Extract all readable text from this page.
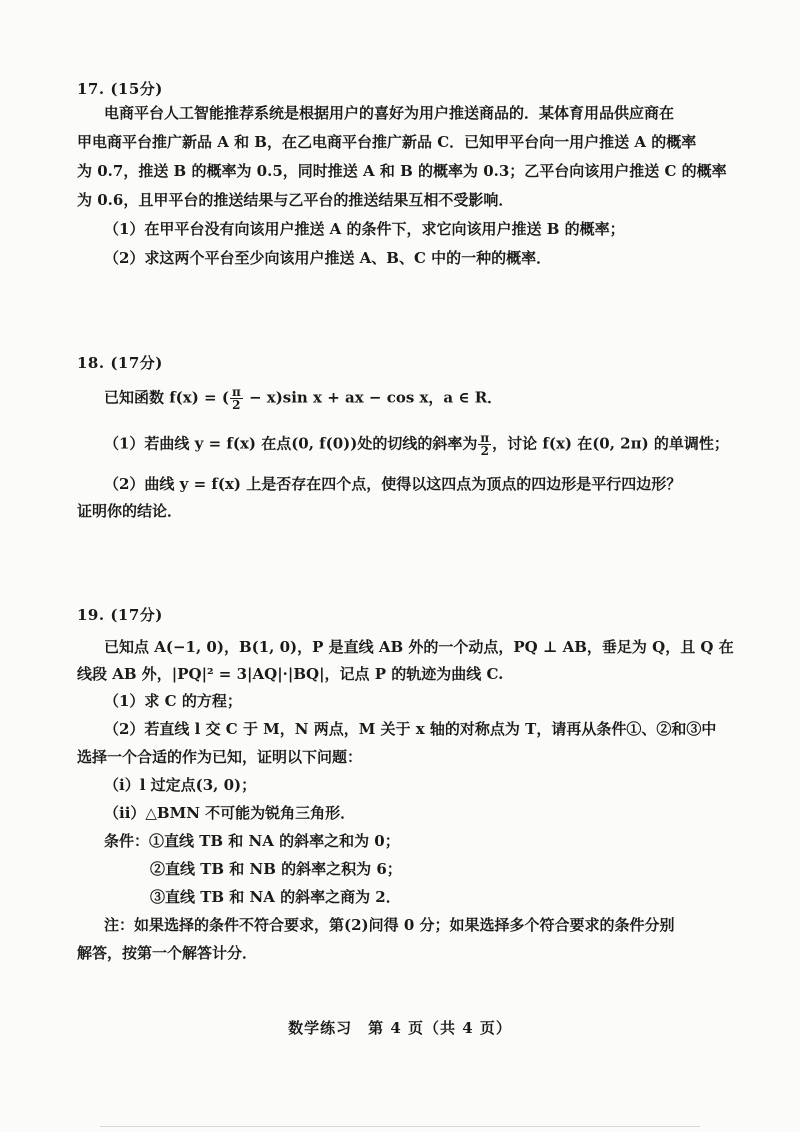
17. (15分)
电商平台人工智能推荐系统是根据用户的喜好为用户推送商品的．某体育用品供应商在
甲电商平台推广新品 A 和 B，在乙电商平台推广新品 C．已知甲平台向一用户推送 A 的概率
为 0.7，推送 B 的概率为 0.5，同时推送 A 和 B 的概率为 0.3；乙平台向该用户推送 C 的概率
为 0.6，且甲平台的推送结果与乙平台的推送结果互相不受影响．
（1）在甲平台没有向该用户推送 A 的条件下，求它向该用户推送 B 的概率；
（2）求这两个平台至少向该用户推送 A、B、C 中的一种的概率．
18. (17分)
已知函数 f(x) = ( $\frac{\pi}{2} - x)\sin$ x + ax − cos x，a ∈ R．
（1）若曲线 y = f(x) 在点(0, f(0))处的切线的斜率为 $\frac{\pi}{2}$ ，讨论 f(x) 在(0, 2π) 的单调性；
（2）曲线 y = f(x) 上是否存在四个点，使得以这四点为顶点的四边形是平行四边形？
证明你的结论．
19. (17分)
已知点 A(−1, 0)，B(1, 0)，P 是直线 AB 外的一个动点，PQ ⊥ AB，垂足为 Q，且 Q 在
线段 AB 外，|PQ|² = 3|AQ|·|BQ|，记点 P 的轨迹为曲线 C.
（1）求 C 的方程；
（2）若直线 l 交 C 于 M，N 两点，M 关于 x 轴的对称点为 T，请再从条件①、②和③中
选择一个合适的作为已知，证明以下问题：
（i）l 过定点(3, 0)；
（ii）△BMN 不可能为锐角三角形．
条件：①直线 TB 和 NA 的斜率之和为 0；
②直线 TB 和 NB 的斜率之积为 6；
③直线 TB 和 NA 的斜率之商为 2．
注：如果选择的条件不符合要求，第(2)问得 0 分；如果选择多个符合要求的条件分别
解答，按第一个解答计分．
数学练习　第 4 页（共 4 页）
